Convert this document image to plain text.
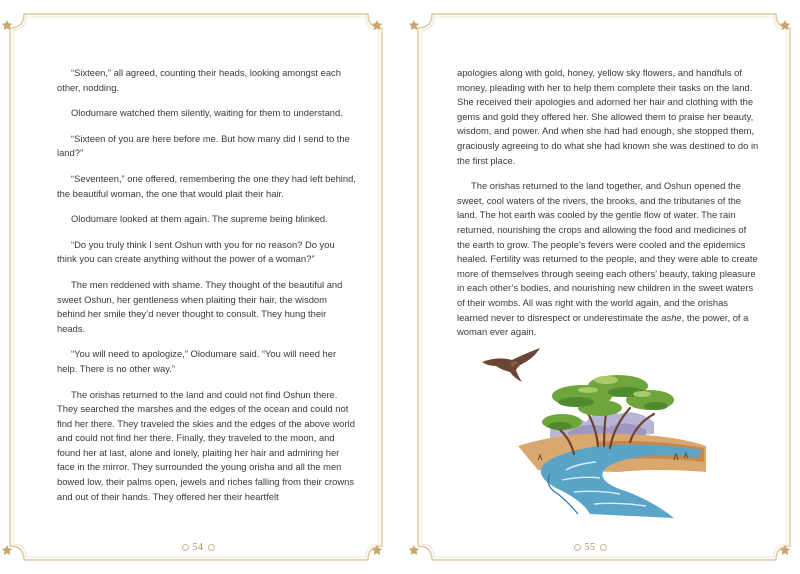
“Sixteen,” all agreed, counting their heads, looking amongst each other, nodding.

Olodumare watched them silently, waiting for them to understand.

“Sixteen of you are here before me. But how many did I send to the land?”

“Seventeen,” one offered, remembering the one they had left behind, the beautiful woman, the one that would plait their hair.

Olodumare looked at them again. The supreme being blinked.

“Do you truly think I sent Oshun with you for no reason? Do you think you can create anything without the power of a woman?”

The men reddened with shame. They thought of the beautiful and sweet Oshun, her gentleness when plaiting their hair, the wisdom behind her smile they’d never thought to consult. They hung their heads.

“You will need to apologize,” Olodumare said. “You will need her help. There is no other way.”

The orishas returned to the land and could not find Oshun there. They searched the marshes and the edges of the ocean and could not find her there. They traveled the skies and the edges of the above world and could not find her there. Finally, they traveled to the moon, and found her at last, alone and lonely, plaiting her hair and admiring her face in the mirror. They surrounded the young orisha and all the men bowed low, their palms open, jewels and riches falling from their crowns and out of their hands. They offered her their heartfelt

54

apologies along with gold, honey, yellow sky flowers, and handfuls of money, pleading with her to help them complete their tasks on the land. She received their apologies and adorned her hair and clothing with the gems and gold they offered her. She allowed them to praise her beauty, wisdom, and power. And when she had had enough, she stopped them, graciously agreeing to do what she had known she was destined to do in the first place.

The orishas returned to the land together, and Oshun opened the sweet, cool waters of the rivers, the brooks, and the tributaries of the land. The hot earth was cooled by the gentle flow of water. The rain returned, nourishing the crops and allowing the food and medicines of the earth to grow. The people’s fevers were cooled and the epidemics healed. Fertility was returned to the people, and they were able to create more of themselves through seeing each others’ beauty, taking pleasure in each other’s bodies, and nourishing new children in the sweet waters of their wombs. All was right with the world again, and the orishas learned never to disrespect or underestimate the ashe, the power, of a woman ever again.

55
